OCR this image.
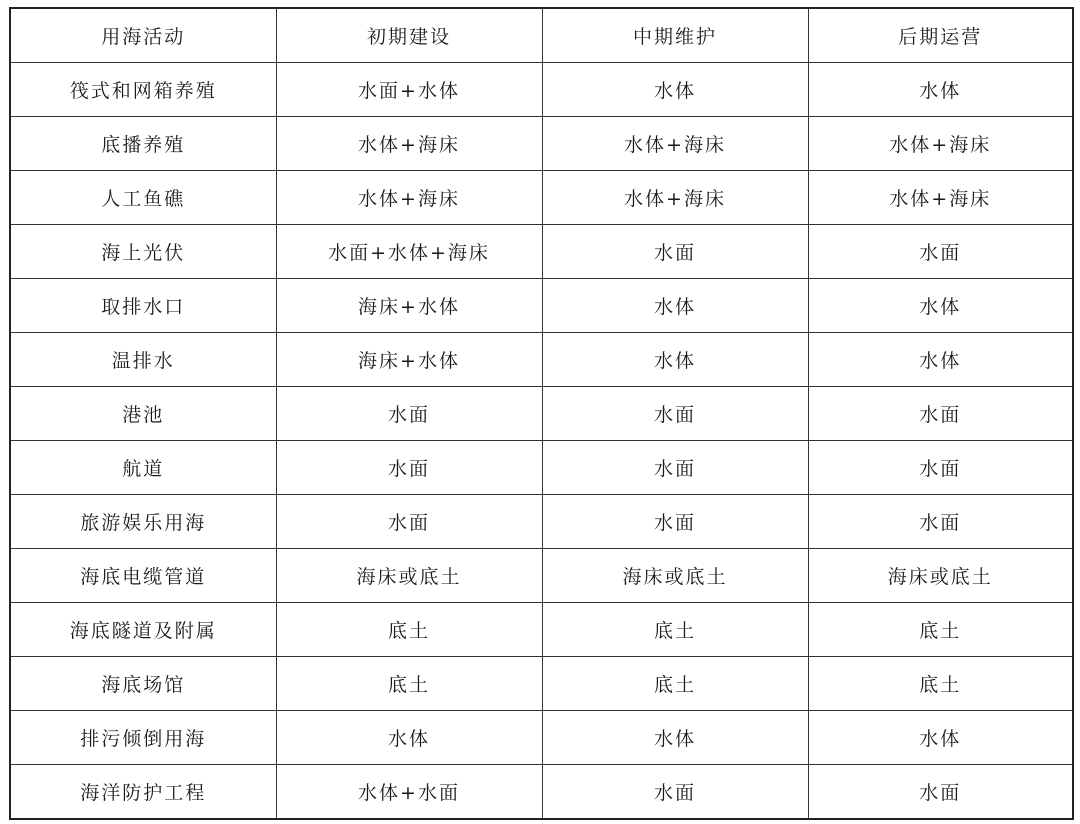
用海活动	初期建设	中期维护	后期运营
筏式和网箱养殖	水面+水体	水体	水体
底播养殖	水体+海床	水体+海床	水体+海床
人工鱼礁	水体+海床	水体+海床	水体+海床
海上光伏	水面+水体+海床	水面	水面
取排水口	海床+水体	水体	水体
温排水	海床+水体	水体	水体
港池	水面	水面	水面
航道	水面	水面	水面
旅游娱乐用海	水面	水面	水面
海底电缆管道	海床或底土	海床或底土	海床或底土
海底隧道及附属	底土	底土	底土
海底场馆	底土	底土	底土
排污倾倒用海	水体	水体	水体
海洋防护工程	水体+水面	水面	水面
